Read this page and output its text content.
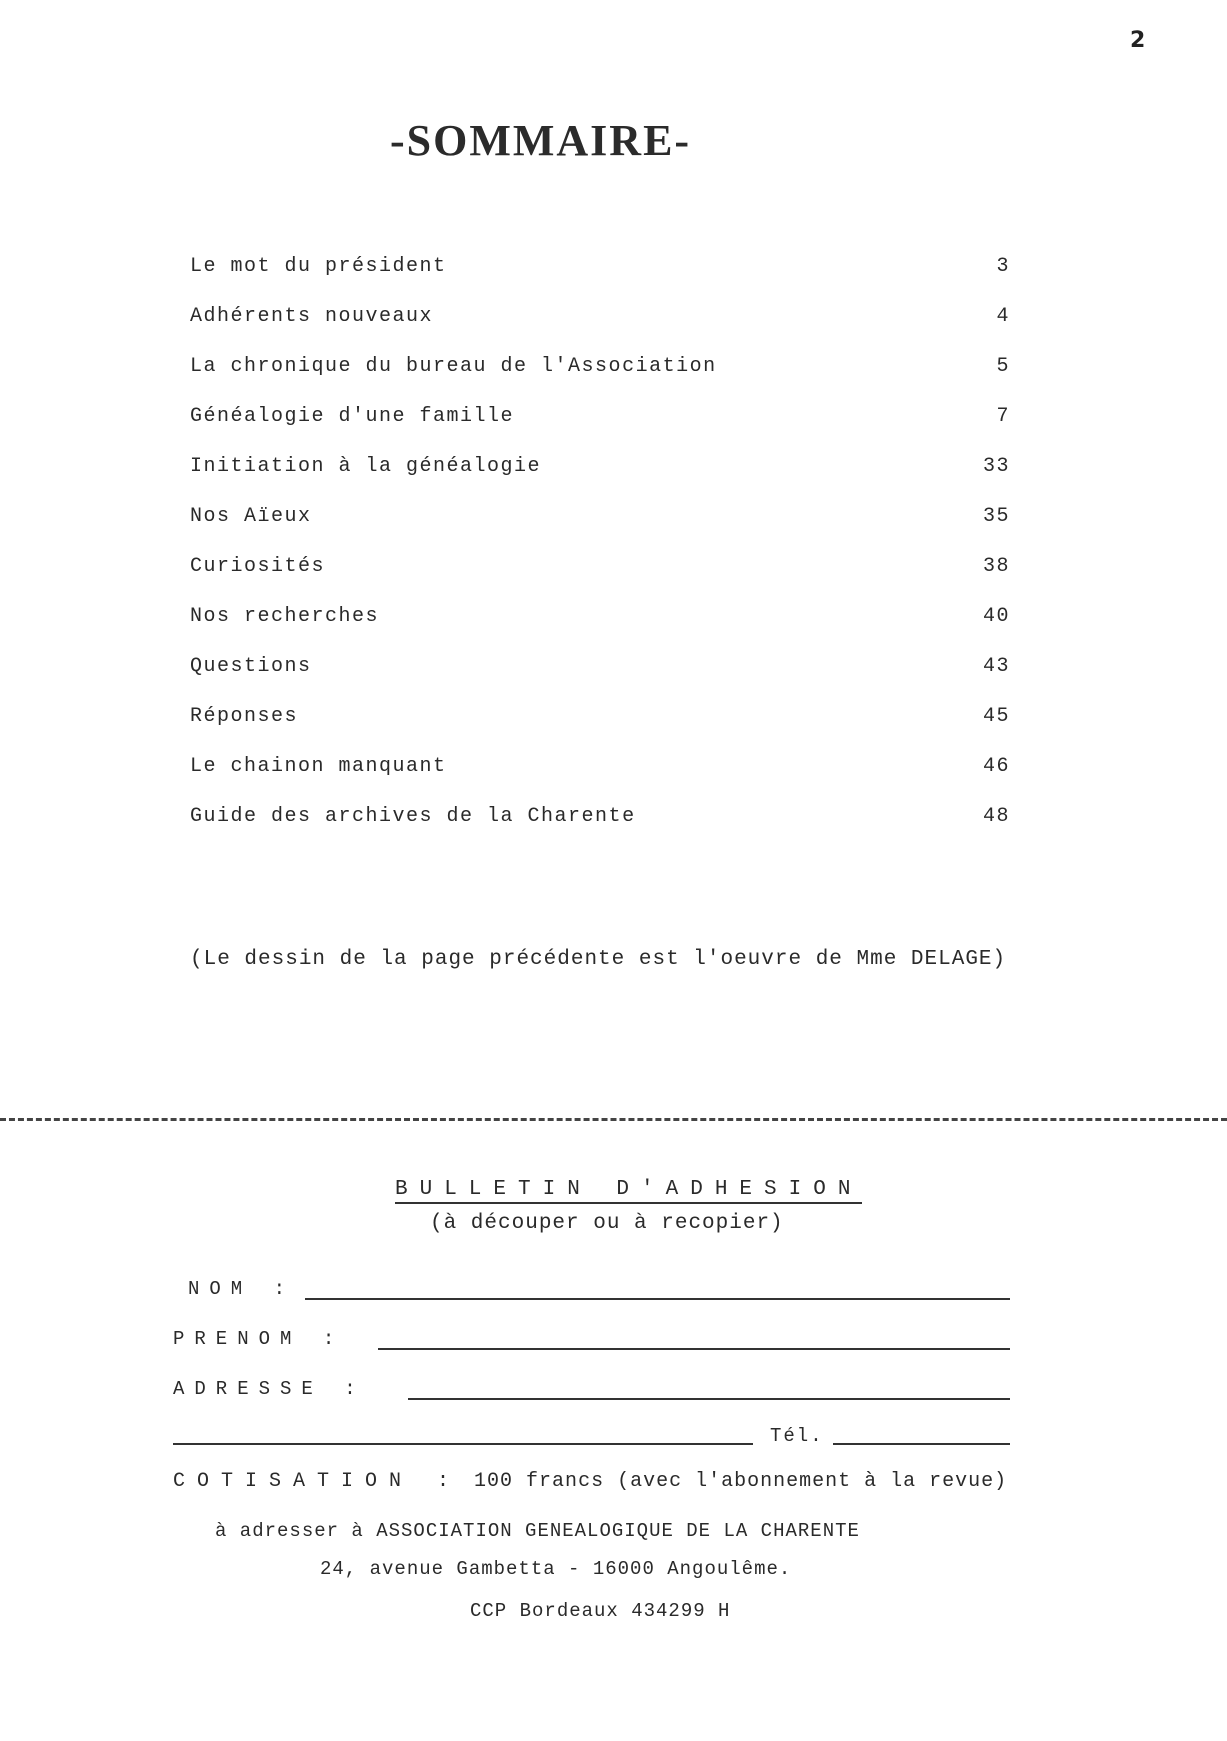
2
-SOMMAIRE-
Le mot du président	3
Adhérents nouveaux	4
La chronique du bureau de l'Association	5
Généalogie d'une famille	7
Initiation à la généalogie	33
Nos Aïeux	35
Curiosités	38
Nos recherches	40
Questions	43
Réponses	45
Le chainon manquant	46
Guide des archives de la Charente	48
(Le dessin de la page précédente est l'oeuvre de Mme DELAGE)
BULLETIN D'ADHESION
(à découper ou à recopier)
NOM :
PRENOM :
ADRESSE :
Tél.
COTISATION : 100 francs (avec l'abonnement à la revue)
à adresser à ASSOCIATION GENEALOGIQUE DE LA CHARENTE
24, avenue Gambetta - 16000 Angoulême.
CCP Bordeaux 434299 H
